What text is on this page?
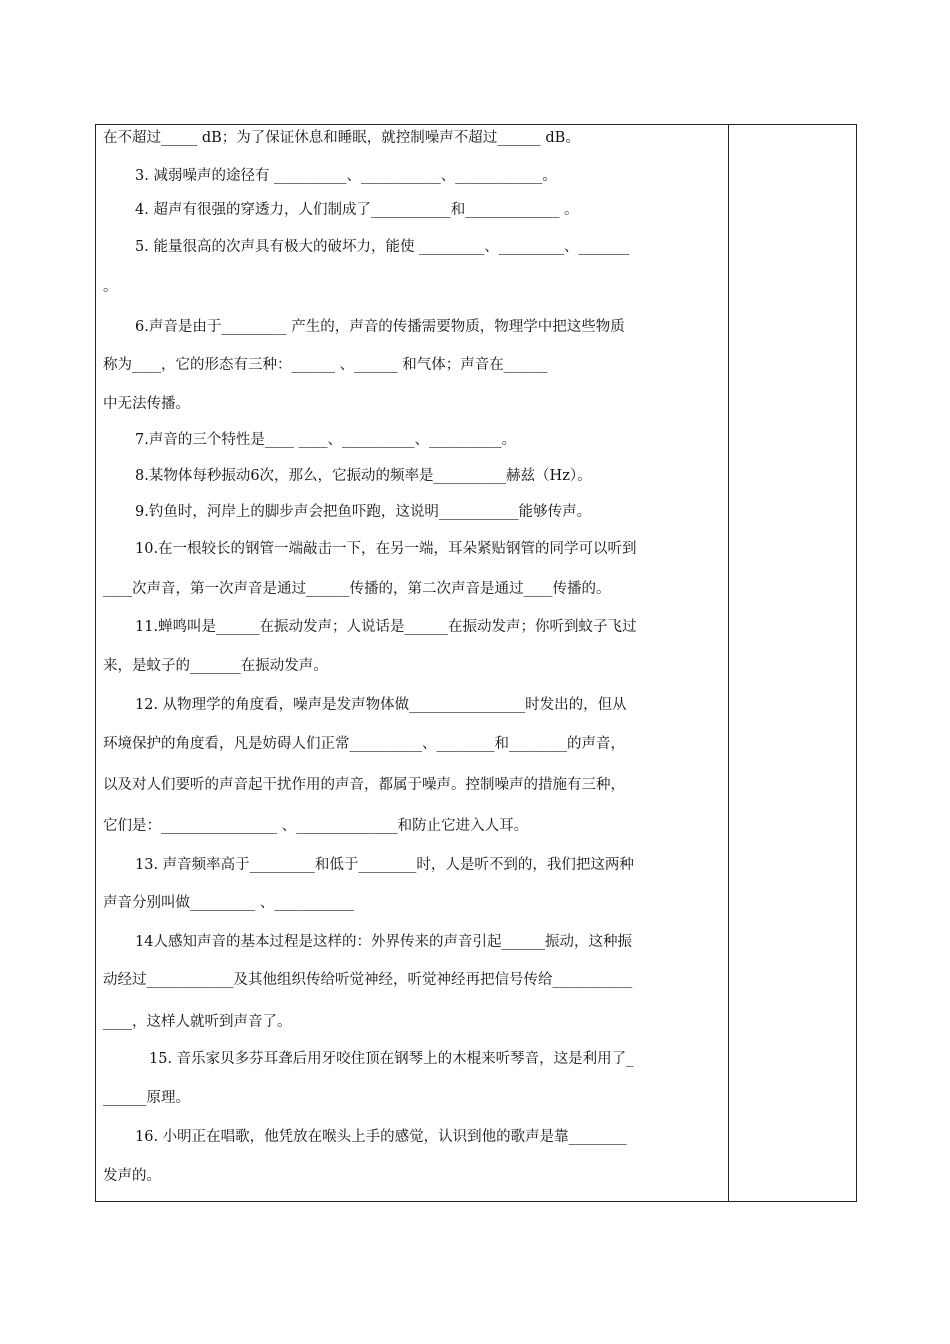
在不超过_____ dB；为了保证休息和睡眠，就控制噪声不超过______ dB。
3. 减弱噪声的途径有 __________、___________、____________。
4. 超声有很强的穿透力，人们制成了___________和_____________ 。
5. 能量很高的次声具有极大的破坏力，能使 _________、_________、_______
。
6.声音是由于_________ 产生的，声音的传播需要物质，物理学中把这些物质
称为____，它的形态有三种：______ 、______ 和气体；声音在______
中无法传播。
7.声音的三个特性是____ ____、__________、__________。
8.某物体每秒振动6次，那么，它振动的频率是__________赫兹（Hz）。
9.钓鱼时，河岸上的脚步声会把鱼吓跑，这说明___________能够传声。
10.在一根较长的钢管一端敲击一下，在另一端，耳朵紧贴钢管的同学可以听到
____次声音，第一次声音是通过______传播的，第二次声音是通过____传播的。
11.蝉鸣叫是______在振动发声；人说话是______在振动发声；你听到蚊子飞过
来，是蚊子的_______在振动发声。
12. 从物理学的角度看，噪声是发声物体做________________时发出的，但从
环境保护的角度看，凡是妨碍人们正常__________、________和________的声音，
以及对人们要听的声音起干扰作用的声音，都属于噪声。控制噪声的措施有三种，
它们是：________________ 、______________和防止它进入人耳。
13. 声音频率高于_________和低于________时，人是听不到的，我们把这两种
声音分别叫做_________ 、___________
14人感知声音的基本过程是这样的：外界传来的声音引起______振动，这种振
动经过____________及其他组织传给听觉神经，听觉神经再把信号传给___________
____，这样人就听到声音了。
15. 音乐家贝多芬耳聋后用牙咬住顶在钢琴上的木棍来听琴音，这是利用了_
______原理。
16. 小明正在唱歌，他凭放在喉头上手的感觉，认识到他的歌声是靠________
发声的。
